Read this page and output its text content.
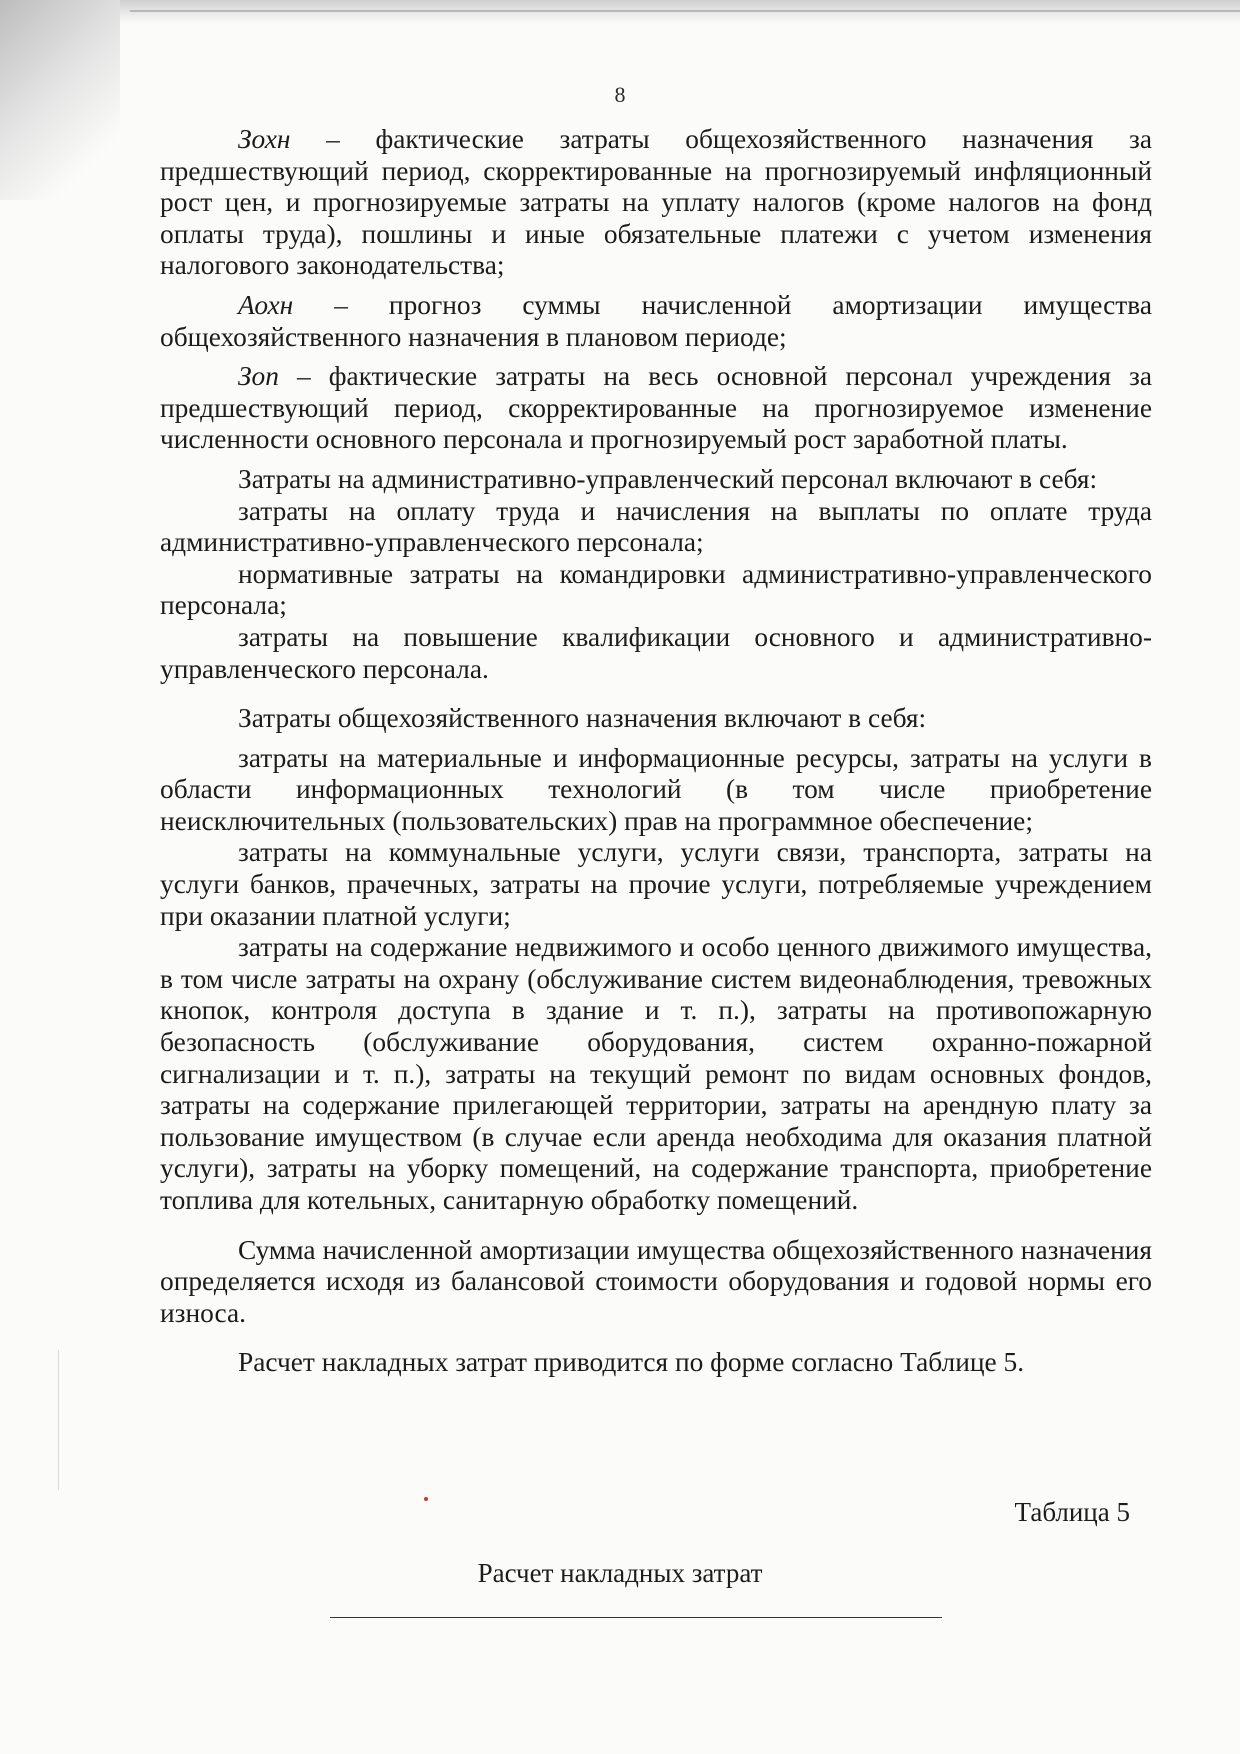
8

Зохн – фактические затраты общехозяйственного назначения за предшествующий период, скорректированные на прогнозируемый инфляционный рост цен, и прогнозируемые затраты на уплату налогов (кроме налогов на фонд оплаты труда), пошлины и иные обязательные платежи с учетом изменения налогового законодательства;

Аохн – прогноз суммы начисленной амортизации имущества общехозяйственного назначения в плановом периоде;

Зоп – фактические затраты на весь основной персонал учреждения за предшествующий период, скорректированные на прогнозируемое изменение численности основного персонала и прогнозируемый рост заработной платы.

Затраты на административно-управленческий персонал включают в себя:

затраты на оплату труда и начисления на выплаты по оплате труда административно-управленческого персонала;

нормативные затраты на командировки административно-управленческого персонала;

затраты на повышение квалификации основного и административно-управленческого персонала.

Затраты общехозяйственного назначения включают в себя:

затраты на материальные и информационные ресурсы, затраты на услуги в области информационных технологий (в том числе приобретение неисключительных (пользовательских) прав на программное обеспечение;

затраты на коммунальные услуги, услуги связи, транспорта, затраты на услуги банков, прачечных, затраты на прочие услуги, потребляемые учреждением при оказании платной услуги;

затраты на содержание недвижимого и особо ценного движимого имущества, в том числе затраты на охрану (обслуживание систем видеонаблюдения, тревожных кнопок, контроля доступа в здание и т. п.), затраты на противопожарную безопасность (обслуживание оборудования, систем охранно-пожарной сигнализации и т. п.), затраты на текущий ремонт по видам основных фондов, затраты на содержание прилегающей территории, затраты на арендную плату за пользование имуществом (в случае если аренда необходима для оказания платной услуги), затраты на уборку помещений, на содержание транспорта, приобретение топлива для котельных, санитарную обработку помещений.

Сумма начисленной амортизации имущества общехозяйственного назначения определяется исходя из балансовой стоимости оборудования и годовой нормы его износа.

Расчет накладных затрат приводится по форме согласно Таблице 5.

Таблица 5
Расчет накладных затрат
